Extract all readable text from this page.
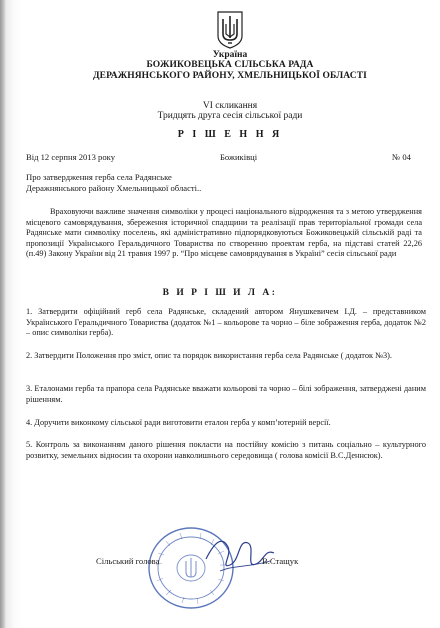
Україна
БОЖИКОВЕЦЬКА СІЛЬСЬКА РАДА
ДЕРАЖНЯНСЬКОГО РАЙОНУ, ХМЕЛЬНИЦЬКОЇ ОБЛАСТІ
VI скликання
Тридцять друга сесія сільської ради
Р І Ш Е Н Н Я
Від 12 серпня 2013 року	Божиківці	№ 04
Про затвердження герба села Радянське
Деражнянського району Хмельницької області..
Враховуючи важливе значення символіки у процесі національного відродження та з метою утвердження місцевого самоврядування, збереження історичної спадщини та реалізації прав територіальної громади села Радянське мати символіку поселень, які адміністративно підпорядковуються Божиковецькій сільській раді та пропозиції Українського Геральдичного Товариства по створенню проектам герба, на підставі статей 22,26 (п.49) Закону України від 21 травня 1997 р. “Про місцеве самоврядування в Україні” сесія сільської ради
В И Р І Ш И Л А:
1. Затвердити офіційний герб села Радянське, складений автором Янушкевичем І.Д. – представником Українського Геральдичного Товариства (додаток №1 – кольорове та чорно – біле зображення герба, додаток №2 – опис символіки герба).
2. Затвердити Положення про зміст, опис та порядок використання герба села Радянське ( додаток №3).
3. Еталонами герба та прапора села Радянське вважати кольорові та чорно – білі зображення, затверджені даним рішенням.
4. Доручити виконкому сільської ради виготовити еталон герба у комп’ютерній версії.
5. Контроль за виконанням даного рішення покласти на постійну комісію з питань соціально – культурного розвитку, земельних відносин та охорони навколишнього середовища ( голова комісії В.С.Деннсюк).
Сільський голова	В.Стащук
